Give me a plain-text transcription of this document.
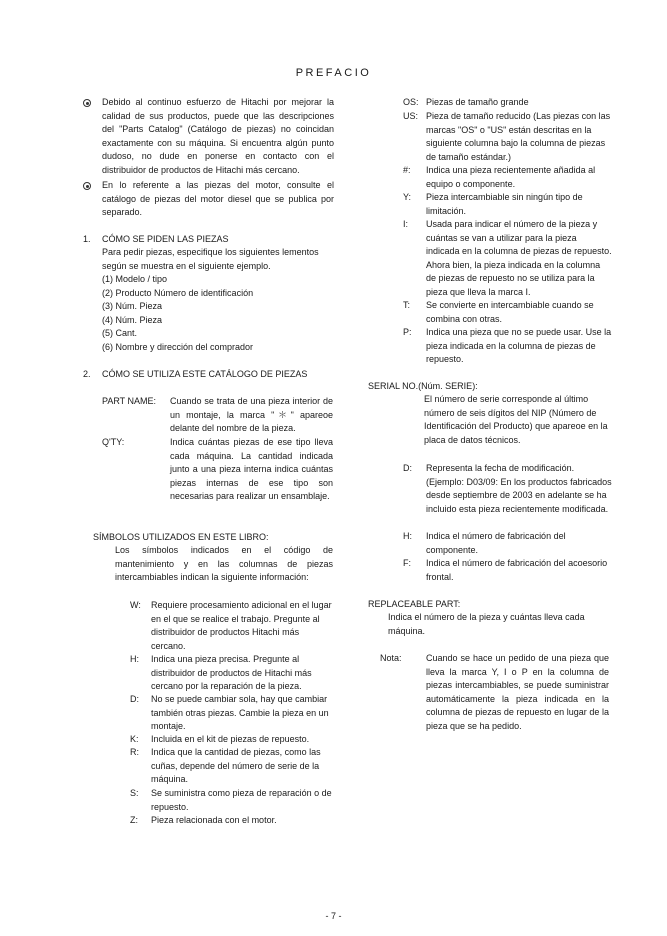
PREFACIO
Debido al continuo esfuerzo de Hitachi por mejorar la calidad de sus productos, puede que las descripciones del "Parts Catalog" (Catálogo de piezas) no coincidan exactamente con su máquina. Si encuentra algún punto dudoso, no dude en ponerse en contacto con el distribuidor de productos de Hitachi más cercano.
En lo referente a las piezas del motor, consulte el catálogo de piezas del motor diesel que se publica por separado.
1. CÓMO SE PIDEN LAS PIEZAS
Para pedir piezas, especifique los siguientes lementos según se muestra en el siguiente ejemplo.
(1) Modelo / tipo
(2) Producto Número de identificación
(3) Núm. Pieza
(4) Núm. Pieza
(5) Cant.
(6) Nombre y dirección del comprador
2. CÓMO SE UTILIZA ESTE CATÁLOGO DE PIEZAS
PART NAME: Cuando se trata de una pieza interior de un montaje, la marca "＊" apareoe delante del nombre de la pieza.
Q'TY:	Indica cuántas piezas de ese tipo lleva cada máquina. La cantidad indicada junto a una pieza interna indica cuántas piezas internas de ese tipo son necesarias para realizar un ensamblaje.
SÍMBOLOS UTILIZADOS EN ESTE LIBRO:
Los símbolos indicados en el código de mantenimiento y en las columnas de piezas intercambiables indican la siguiente información:
W: Requiere procesamiento adicional en el lugar en el que se realice el trabajo. Pregunte al distribuidor de productos Hitachi más cercano.
H: Indica una pieza precisa. Pregunte al distribuidor de productos de Hitachi más cercano por la reparación de la pieza.
D: No se puede cambiar sola, hay que cambiar también otras piezas. Cambie la pieza en un montaje.
K: Incluida en el kit de piezas de repuesto.
R: Indica que la cantidad de piezas, como las cuñas, depende del número de serie de la máquina.
S: Se suministra como pieza de reparación o de repuesto.
Z: Pieza relacionada con el motor.
OS: Piezas de tamaño grande
US: Pieza de tamaño reducido (Las piezas con las marcas "OS" o "US" están descritas en la siguiente columna bajo la columna de piezas de tamaño estándar.)
#: Indica una pieza recientemente añadida al equipo o componente.
Y: Pieza intercambiable sin ningún tipo de limitación.
I: Usada para indicar el número de la pieza y cuántas se van a utilizar para la pieza indicada en la columna de piezas de repuesto. Ahora bien, la pieza indicada en la columna de piezas de repuesto no se utiliza para la pieza que lleva la marca I.
T: Se convierte en intercambiable cuando se combina con otras.
P: Indica una pieza que no se puede usar. Use la pieza indicada en la columna de piezas de repuesto.
SERIAL NO.(Núm. SERIE):
El número de serie corresponde al último número de seis dígitos del NIP (Número de Identificación del Producto) que apareoe en la placa de datos técnicos.
D: Representa la fecha de modificación. (Ejemplo: D03/09: En los productos fabricados desde septiembre de 2003 en adelante se ha incluido esta pieza recientemente modificada.
H: Indica el número de fabricación del componente.
F: Indica el número de fabricación del acoesorio frontal.
REPLACEABLE PART:
Indica el número de la pieza y cuántas lleva cada máquina.
Nota:	Cuando se hace un pedido de una pieza que lleva la marca Y, I o P en la columna de piezas intercambiables, se puede suministrar automáticamente la pieza indicada en la columna de piezas de repuesto en lugar de la pieza que se ha pedido.
- 7 -
